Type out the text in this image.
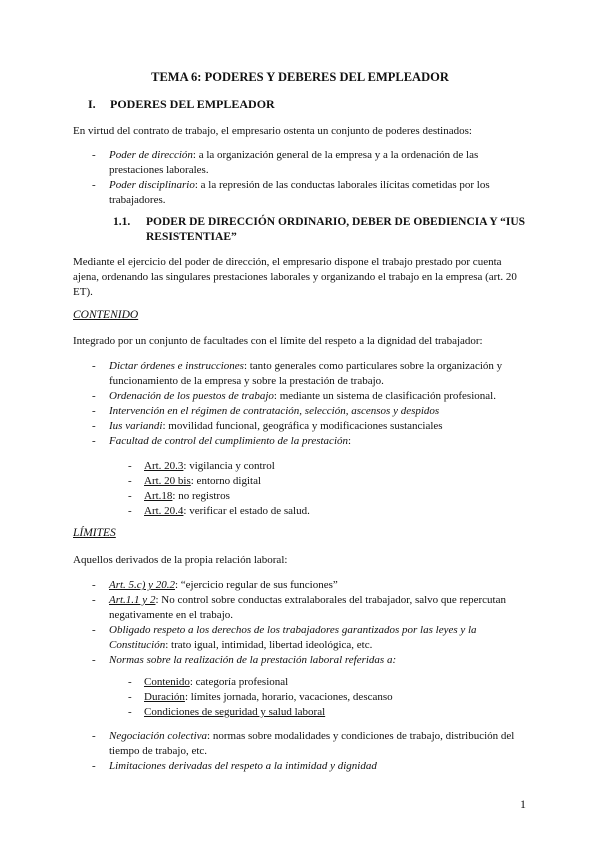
TEMA 6: PODERES Y DEBERES DEL EMPLEADOR
I. PODERES DEL EMPLEADOR
En virtud del contrato de trabajo, el empresario ostenta un conjunto de poderes destinados:
- Poder de dirección: a la organización general de la empresa y a la ordenación de las prestaciones laborales.
- Poder disciplinario: a la represión de las conductas laborales ilícitas cometidas por los trabajadores.
1.1. PODER DE DIRECCIÓN ORDINARIO, DEBER DE OBEDIENCIA Y “IUS RESISTENTIAE”
Mediante el ejercicio del poder de dirección, el empresario dispone el trabajo prestado por cuenta ajena, ordenando las singulares prestaciones laborales y organizando el trabajo en la empresa (art. 20 ET).
CONTENIDO
Integrado por un conjunto de facultades con el límite del respeto a la dignidad del trabajador:
- Dictar órdenes e instrucciones: tanto generales como particulares sobre la organización y funcionamiento de la empresa y sobre la prestación de trabajo.
- Ordenación de los puestos de trabajo: mediante un sistema de clasificación profesional.
- Intervención en el régimen de contratación, selección, ascensos y despidos
- Ius variandi: movilidad funcional, geográfica y modificaciones sustanciales
- Facultad de control del cumplimiento de la prestación:
- Art. 20.3: vigilancia y control
- Art. 20 bis: entorno digital
- Art.18: no registros
- Art. 20.4: verificar el estado de salud.
LÍMITES
Aquellos derivados de la propia relación laboral:
- Art. 5.c) y 20.2: “ejercicio regular de sus funciones”
- Art.1.1 y 2: No control sobre conductas extralaborales del trabajador, salvo que repercutan negativamente en el trabajo.
- Obligado respeto a los derechos de los trabajadores garantizados por las leyes y la Constitución: trato igual, intimidad, libertad ideológica, etc.
- Normas sobre la realización de la prestación laboral referidas a:
- Contenido: categoría profesional
- Duración: límites jornada, horario, vacaciones, descanso
- Condiciones de seguridad y salud laboral
- Negociación colectiva: normas sobre modalidades y condiciones de trabajo, distribución del tiempo de trabajo, etc.
- Limitaciones derivadas del respeto a la intimidad y dignidad
1
